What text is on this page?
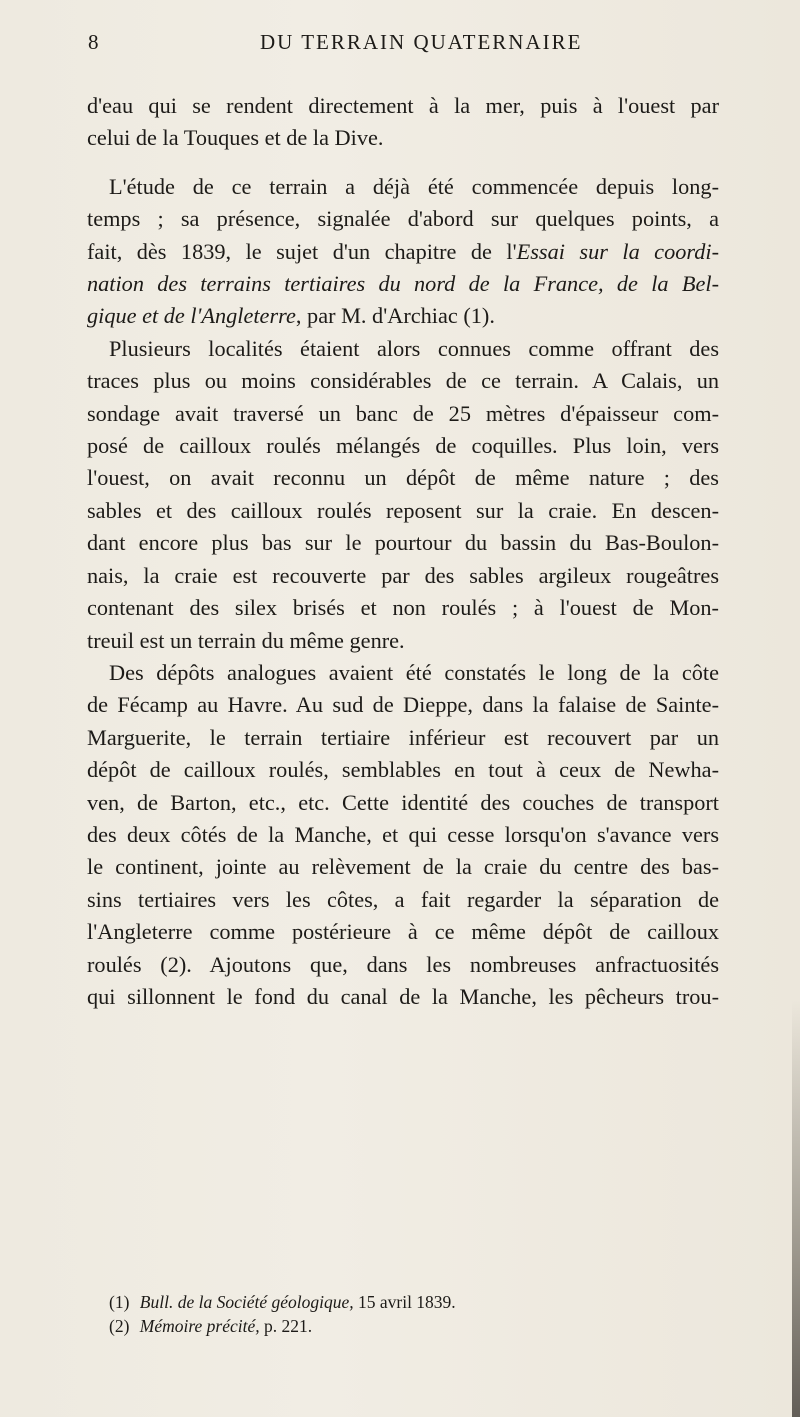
8	DU TERRAIN QUATERNAIRE

d'eau qui se rendent directement à la mer, puis à l'ouest par
celui de la Touques et de la Dive.

L'étude de ce terrain a déjà été commencée depuis long-
temps ; sa présence, signalée d'abord sur quelques points, a
fait, dès 1839, le sujet d'un chapitre de l'Essai sur la coordi-
nation des terrains tertiaires du nord de la France, de la Bel-
gique et de l'Angleterre, par M. d'Archiac (1).

Plusieurs localités étaient alors connues comme offrant des
traces plus ou moins considérables de ce terrain. A Calais, un
sondage avait traversé un banc de 25 mètres d'épaisseur com-
posé de cailloux roulés mélangés de coquilles. Plus loin, vers
l'ouest, on avait reconnu un dépôt de même nature ; des
sables et des cailloux roulés reposent sur la craie. En descen-
dant encore plus bas sur le pourtour du bassin du Bas-Boulon-
nais, la craie est recouverte par des sables argileux rougeâtres
contenant des silex brisés et non roulés ; à l'ouest de Mon-
treuil est un terrain du même genre.

Des dépôts analogues avaient été constatés le long de la côte
de Fécamp au Havre. Au sud de Dieppe, dans la falaise de Sainte-
Marguerite, le terrain tertiaire inférieur est recouvert par un
dépôt de cailloux roulés, semblables en tout à ceux de Newha-
ven, de Barton, etc., etc. Cette identité des couches de transport
des deux côtés de la Manche, et qui cesse lorsqu'on s'avance vers
le continent, jointe au relèvement de la craie du centre des bas-
sins tertiaires vers les côtes, a fait regarder la séparation de
l'Angleterre comme postérieure à ce même dépôt de cailloux
roulés (2). Ajoutons que, dans les nombreuses anfractuosités
qui sillonnent le fond du canal de la Manche, les pêcheurs trou-

(1) Bull. de la Société géologique, 15 avril 1839.
(2) Mémoire précité, p. 221.
